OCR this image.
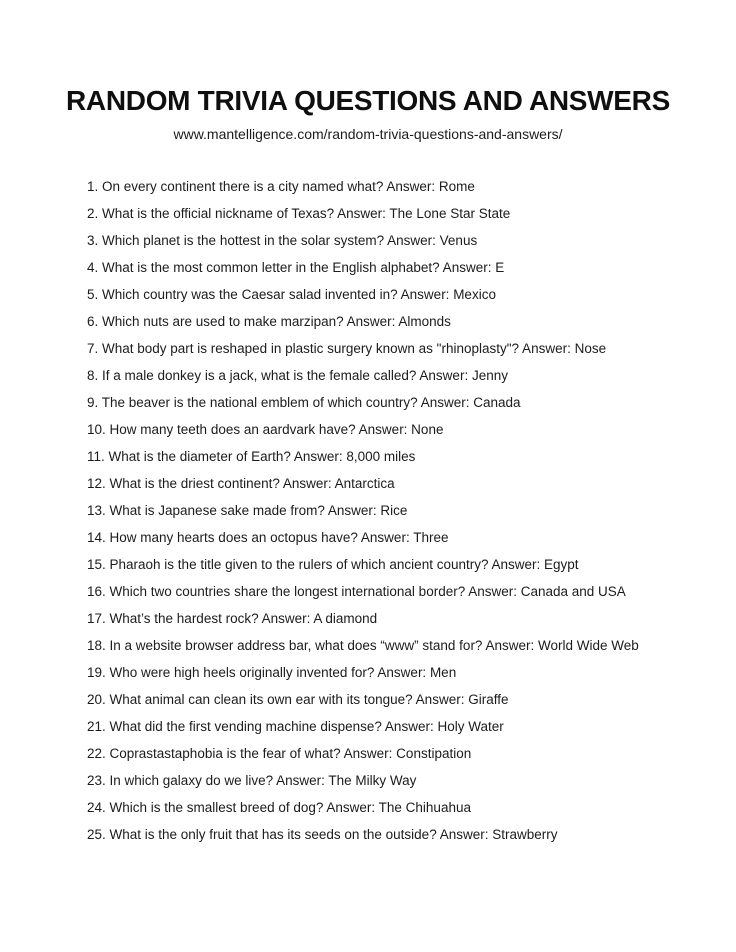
RANDOM TRIVIA QUESTIONS AND ANSWERS
www.mantelligence.com/random-trivia-questions-and-answers/
1. On every continent there is a city named what? Answer: Rome
2. What is the official nickname of Texas? Answer: The Lone Star State
3. Which planet is the hottest in the solar system? Answer: Venus
4. What is the most common letter in the English alphabet? Answer: E
5. Which country was the Caesar salad invented in? Answer: Mexico
6. Which nuts are used to make marzipan? Answer: Almonds
7. What body part is reshaped in plastic surgery known as "rhinoplasty"? Answer: Nose
8. If a male donkey is a jack, what is the female called? Answer: Jenny
9. The beaver is the national emblem of which country? Answer: Canada
10. How many teeth does an aardvark have? Answer: None
11. What is the diameter of Earth? Answer: 8,000 miles
12. What is the driest continent? Answer: Antarctica
13. What is Japanese sake made from? Answer: Rice
14. How many hearts does an octopus have? Answer: Three
15. Pharaoh is the title given to the rulers of which ancient country? Answer: Egypt
16. Which two countries share the longest international border? Answer: Canada and USA
17. What’s the hardest rock? Answer: A diamond
18. In a website browser address bar, what does “www” stand for? Answer: World Wide Web
19. Who were high heels originally invented for? Answer: Men
20. What animal can clean its own ear with its tongue? Answer: Giraffe
21. What did the first vending machine dispense? Answer: Holy Water
22. Coprastastaphobia is the fear of what? Answer: Constipation
23. In which galaxy do we live? Answer: The Milky Way
24. Which is the smallest breed of dog? Answer: The Chihuahua
25. What is the only fruit that has its seeds on the outside? Answer: Strawberry
